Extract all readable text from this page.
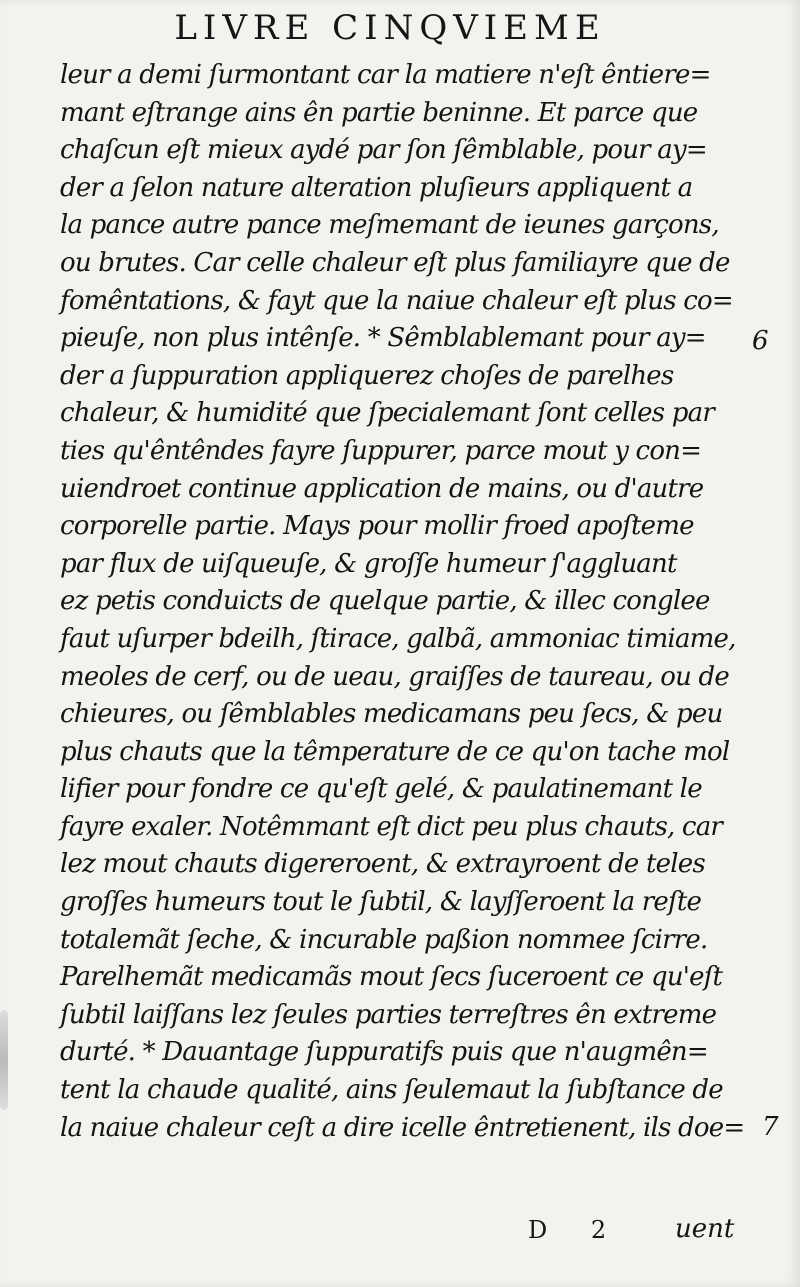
LIVRE CINQVIEME
leur a demi ſurmontant car la matiere n'eſt êntiere=
mant eſtrange ains ên partie beninne. Et parce que
chaſcun eſt mieux aydé par ſon ſêmblable, pour ay=
der a ſelon nature alteration pluſieurs appliquent a
la pance autre pance meſmemant de ieunes garçons,
ou brutes. Car celle chaleur eſt plus familiayre que de
fomêntations, & fayt que la naiue chaleur eſt plus co=
pieuſe, non plus intênſe. * Sêmblablemant pour ay=
der a ſuppuration appliquerez choſes de parelhes
chaleur, & humidité que ſpecialemant ſont celles par
ties qu'êntêndes fayre ſuppurer, parce mout y con=
uiendroet continue application de mains, ou d'autre
corporelle partie. Mays pour mollir froed apoſteme
par flux de uiſqueuſe, & groſſe humeur ſ'aggluant
ez petis conduicts de quelque partie, & illec conglee
faut uſurper bdeilh, ſtirace, galbã, ammoniac timiame,
meoles de cerf, ou de ueau, graiſſes de taureau, ou de
chieures, ou ſêmblables medicamans peu ſecs, & peu
plus chauts que la têmperature de ce qu'on tache mol
lifier pour fondre ce qu'eſt gelé, & paulatinemant le
fayre exaler. Notêmmant eſt dict peu plus chauts, car
lez mout chauts digereroent, & extrayroent de teles
groſſes humeurs tout le ſubtil, & layſſeroent la reſte
totalemãt ſeche, & incurable paßion nommee ſcirre.
Parelhemãt medicamãs mout ſecs ſuceroent ce qu'eſt
ſubtil laiſſans lez ſeules parties terreſtres ên extreme
durté. * Dauantage ſuppuratifs puis que n'augmên=
tent la chaude qualité, ains ſeulemaut la ſubſtance de
la naiue chaleur ceſt a dire icelle êntretienent, ils doe=
6
7
D 2 uent
